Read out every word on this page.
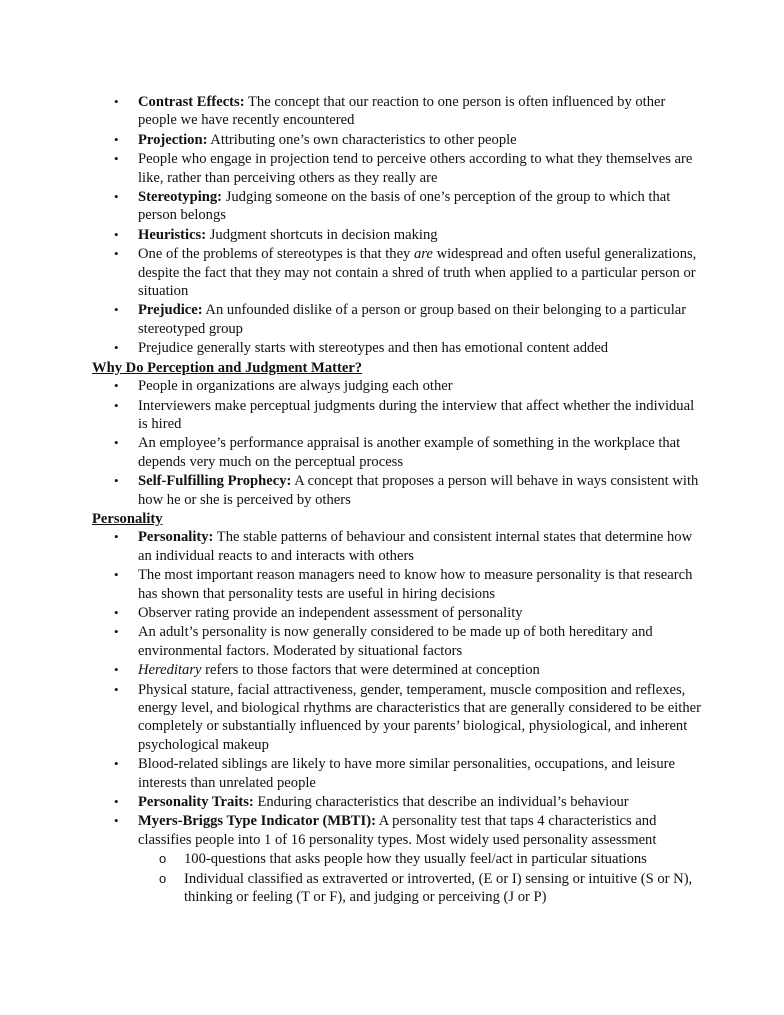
• Contrast Effects: The concept that our reaction to one person is often influenced by other people we have recently encountered
• Projection: Attributing one’s own characteristics to other people
• People who engage in projection tend to perceive others according to what they themselves are like, rather than perceiving others as they really are
• Stereotyping: Judging someone on the basis of one’s perception of the group to which that person belongs
• Heuristics: Judgment shortcuts in decision making
• One of the problems of stereotypes is that they are widespread and often useful generalizations, despite the fact that they may not contain a shred of truth when applied to a particular person or situation
• Prejudice: An unfounded dislike of a person or group based on their belonging to a particular stereotyped group
• Prejudice generally starts with stereotypes and then has emotional content added

Why Do Perception and Judgment Matter?

• People in organizations are always judging each other
• Interviewers make perceptual judgments during the interview that affect whether the individual is hired
• An employee’s performance appraisal is another example of something in the workplace that depends very much on the perceptual process
• Self-Fulfilling Prophecy: A concept that proposes a person will behave in ways consistent with how he or she is perceived by others

Personality

• Personality: The stable patterns of behaviour and consistent internal states that determine how an individual reacts to and interacts with others
• The most important reason managers need to know how to measure personality is that research has shown that personality tests are useful in hiring decisions
• Observer rating provide an independent assessment of personality
• An adult’s personality is now generally considered to be made up of both hereditary and environmental factors. Moderated by situational factors
• Hereditary refers to those factors that were determined at conception
• Physical stature, facial attractiveness, gender, temperament, muscle composition and reflexes, energy level, and biological rhythms are characteristics that are generally considered to be either completely or substantially influenced by your parents’ biological, physiological, and inherent psychological makeup
• Blood-related siblings are likely to have more similar personalities, occupations, and leisure interests than unrelated people
• Personality Traits: Enduring characteristics that describe an individual’s behaviour
• Myers-Briggs Type Indicator (MBTI): A personality test that taps 4 characteristics and classifies people into 1 of 16 personality types. Most widely used personality assessment
o 100-questions that asks people how they usually feel/act in particular situations
o Individual classified as extraverted or introverted, (E or I) sensing or intuitive (S or N), thinking or feeling (T or F), and judging or perceiving (J or P)
